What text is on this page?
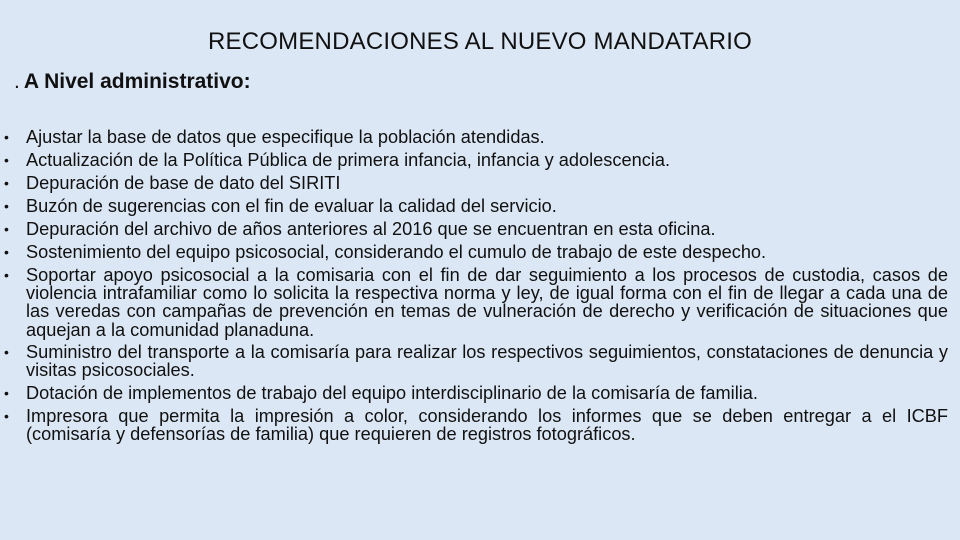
RECOMENDACIONES AL NUEVO MANDATARIO
. A Nivel administrativo:
• Ajustar la base de datos que especifique la población atendidas.
• Actualización de la Política Pública de primera infancia, infancia y adolescencia.
• Depuración de base de dato del SIRITI
• Buzón de sugerencias con el fin de evaluar la calidad del servicio.
• Depuración del archivo de años anteriores al 2016 que se encuentran en esta oficina.
• Sostenimiento del equipo psicosocial, considerando el cumulo de trabajo de este despecho.
• Soportar apoyo psicosocial a la comisaria con el fin de dar seguimiento a los procesos de custodia, casos de violencia intrafamiliar como lo solicita la respectiva norma y ley, de igual forma con el fin de llegar a cada una de las veredas con campañas de prevención en temas de vulneración de derecho y verificación de situaciones que aquejan a la comunidad planaduna.
• Suministro del transporte a la comisaría para realizar los respectivos seguimientos, constataciones de denuncia y visitas psicosociales.
• Dotación de implementos de trabajo del equipo interdisciplinario de la comisaría de familia.
• Impresora que permita la impresión a color, considerando los informes que se deben entregar a el ICBF (comisaría y defensorías de familia) que requieren de registros fotográficos.
